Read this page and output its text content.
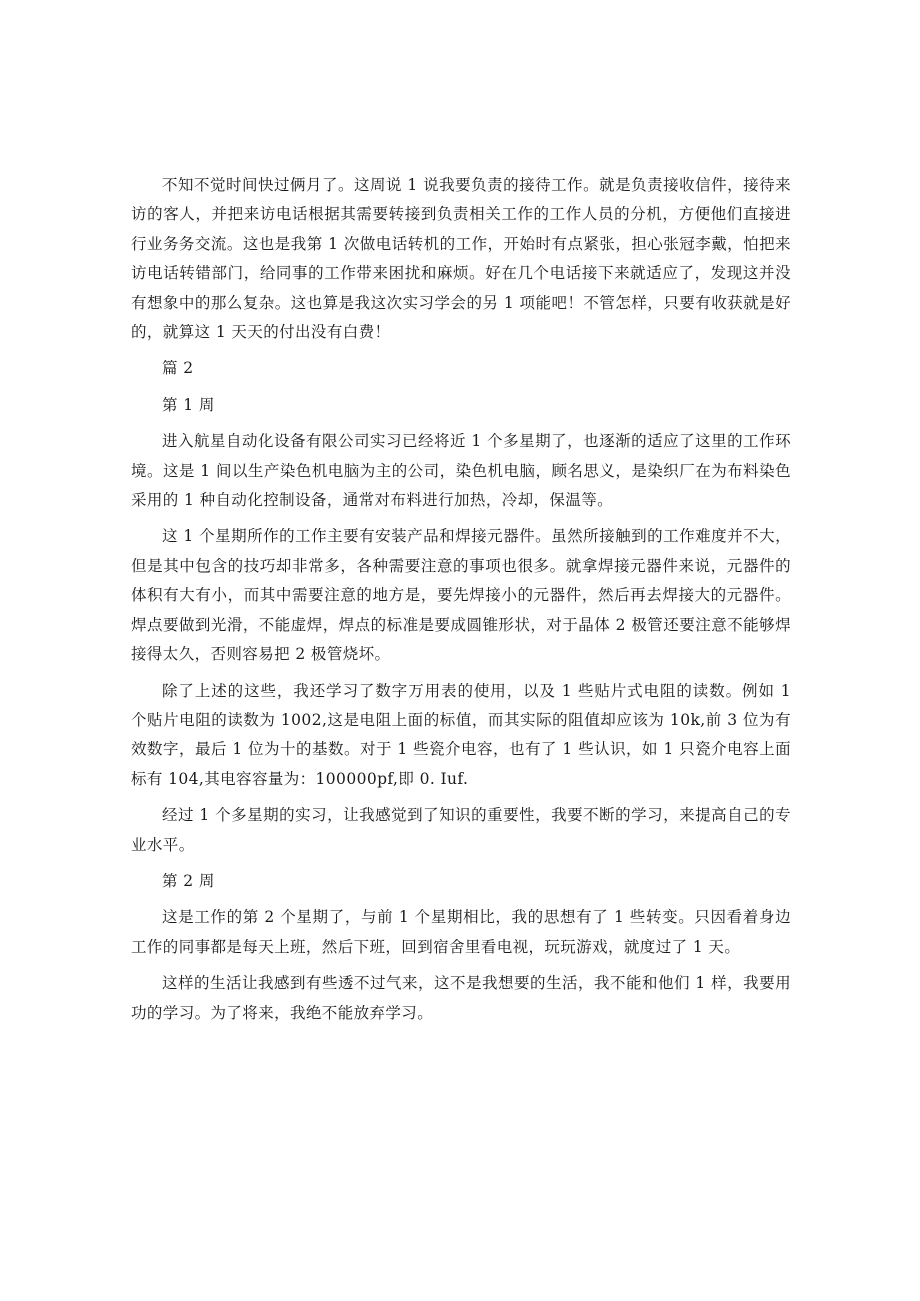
不知不觉时间快过俩月了。这周说 1 说我要负责的接待工作。就是负责接收信件，接待来访的客人，并把来访电话根据其需要转接到负责相关工作的工作人员的分机，方便他们直接进行业务务交流。这也是我第 1 次做电话转机的工作，开始时有点紧张，担心张冠李戴，怕把来访电话转错部门，给同事的工作带来困扰和麻烦。好在几个电话接下来就适应了，发现这并没有想象中的那么复杂。这也算是我这次实习学会的另 1 项能吧！不管怎样，只要有收获就是好的，就算这 1 天天的付出没有白费！

篇 2

第 1 周

进入航星自动化设备有限公司实习已经将近 1 个多星期了，也逐渐的适应了这里的工作环境。这是 1 间以生产染色机电脑为主的公司，染色机电脑，顾名思义，是染织厂在为布料染色采用的 1 种自动化控制设备，通常对布料进行加热，冷却，保温等。

这 1 个星期所作的工作主要有安装产品和焊接元器件。虽然所接触到的工作难度并不大，但是其中包含的技巧却非常多，各种需要注意的事项也很多。就拿焊接元器件来说，元器件的体积有大有小，而其中需要注意的地方是，要先焊接小的元器件，然后再去焊接大的元器件。焊点要做到光滑，不能虚焊，焊点的标准是要成圆锥形状，对于晶体 2 极管还要注意不能够焊接得太久，否则容易把 2 极管烧坏。

除了上述的这些，我还学习了数字万用表的使用，以及 1 些贴片式电阻的读数。例如 1 个贴片电阻的读数为 1002,这是电阻上面的标值，而其实际的阻值却应该为 10k,前 3 位为有效数字，最后 1 位为十的基数。对于 1 些瓷介电容，也有了 1 些认识，如 1 只瓷介电容上面标有 104,其电容容量为：100000pf,即 0. Iuf.

经过 1 个多星期的实习，让我感觉到了知识的重要性，我要不断的学习，来提高自己的专业水平。

第 2 周

这是工作的第 2 个星期了，与前 1 个星期相比，我的思想有了 1 些转变。只因看着身边工作的同事都是每天上班，然后下班，回到宿舍里看电视，玩玩游戏，就度过了 1 天。

这样的生活让我感到有些透不过气来，这不是我想要的生活，我不能和他们 1 样，我要用功的学习。为了将来，我绝不能放弃学习。
